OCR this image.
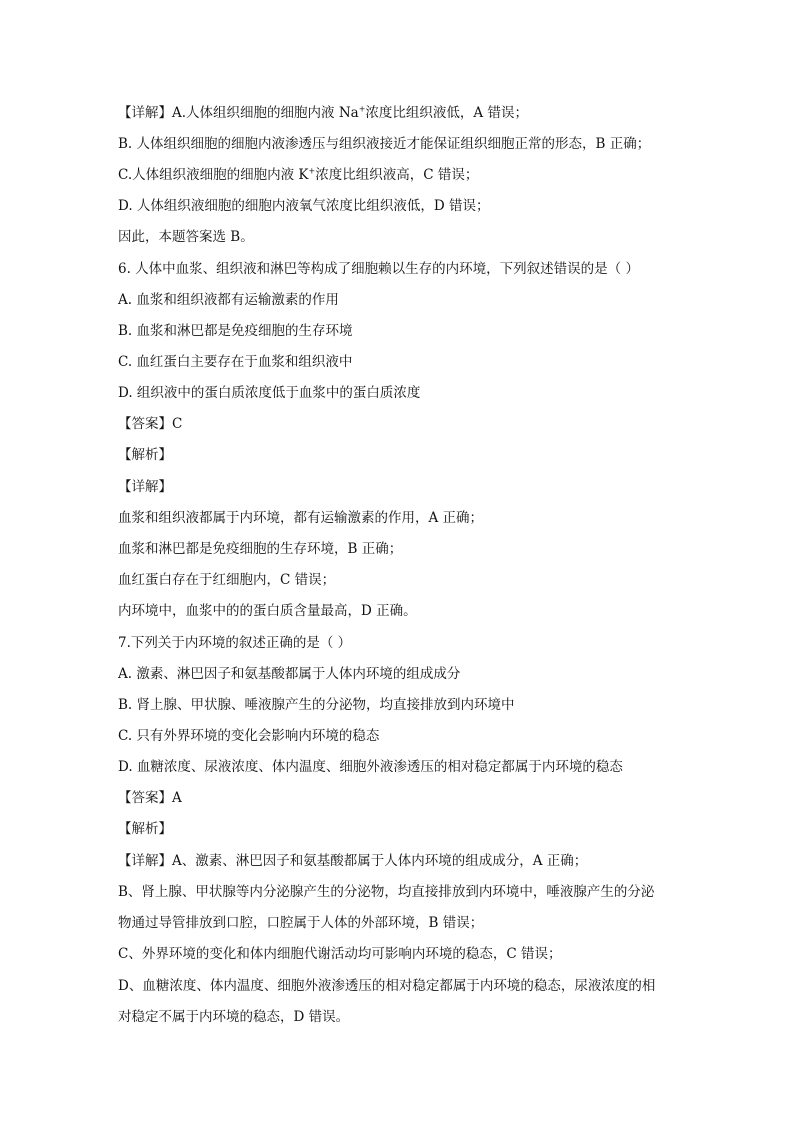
【详解】A.人体组织细胞的细胞内液 Na+浓度比组织液低，A 错误；
B. 人体组织细胞的细胞内液渗透压与组织液接近才能保证组织细胞正常的形态，B 正确；
C.人体组织液细胞的细胞内液 K+浓度比组织液高，C 错误；
D. 人体组织液细胞的细胞内液氧气浓度比组织液低，D 错误；
因此，本题答案选 B。
6. 人体中血浆、组织液和淋巴等构成了细胞赖以生存的内环境，下列叙述错误的是（ ）
A. 血浆和组织液都有运输激素的作用
B. 血浆和淋巴都是免疫细胞的生存环境
C. 血红蛋白主要存在于血浆和组织液中
D. 组织液中的蛋白质浓度低于血浆中的蛋白质浓度
【答案】C
【解析】
【详解】
血浆和组织液都属于内环境，都有运输激素的作用，A 正确；
血浆和淋巴都是免疫细胞的生存环境，B 正确；
血红蛋白存在于红细胞内，C 错误；
内环境中，血浆中的的蛋白质含量最高，D 正确。
7.下列关于内环境的叙述正确的是（ ）
A. 激素、淋巴因子和氨基酸都属于人体内环境的组成成分
B. 肾上腺、甲状腺、唾液腺产生的分泌物，均直接排放到内环境中
C. 只有外界环境的变化会影响内环境的稳态
D. 血糖浓度、尿液浓度、体内温度、细胞外液渗透压的相对稳定都属于内环境的稳态
【答案】A
【解析】
【详解】A、激素、淋巴因子和氨基酸都属于人体内环境的组成成分，A 正确；
B、肾上腺、甲状腺等内分泌腺产生的分泌物，均直接排放到内环境中，唾液腺产生的分泌
物通过导管排放到口腔，口腔属于人体的外部环境，B 错误；
C、外界环境的变化和体内细胞代谢活动均可影响内环境的稳态，C 错误；
D、血糖浓度、体内温度、细胞外液渗透压的相对稳定都属于内环境的稳态，尿液浓度的相
对稳定不属于内环境的稳态，D 错误。
